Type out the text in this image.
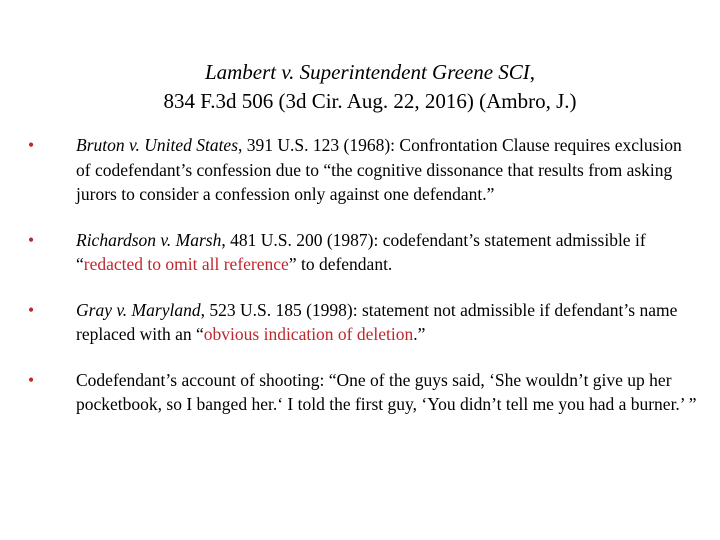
Lambert v. Superintendent Greene SCI,
834 F.3d 506 (3d Cir. Aug. 22, 2016) (Ambro, J.)
•	Bruton v. United States, 391 U.S. 123 (1968): Confrontation Clause requires exclusion of codefendant’s confession due to “the cognitive dissonance that results from asking jurors to consider a confession only against one defendant.”
•	Richardson v. Marsh, 481 U.S. 200 (1987): codefendant’s statement admissible if “redacted to omit all reference” to defendant.
•	Gray v. Maryland, 523 U.S. 185 (1998): statement not admissible if defendant’s name replaced with an “obvious indication of deletion.”
•	Codefendant’s account of shooting: “One of the guys said, ‘She wouldn’t give up her pocketbook, so I banged her.‘ I told the first guy, ‘You didn’t tell me you had a burner.’ ”
